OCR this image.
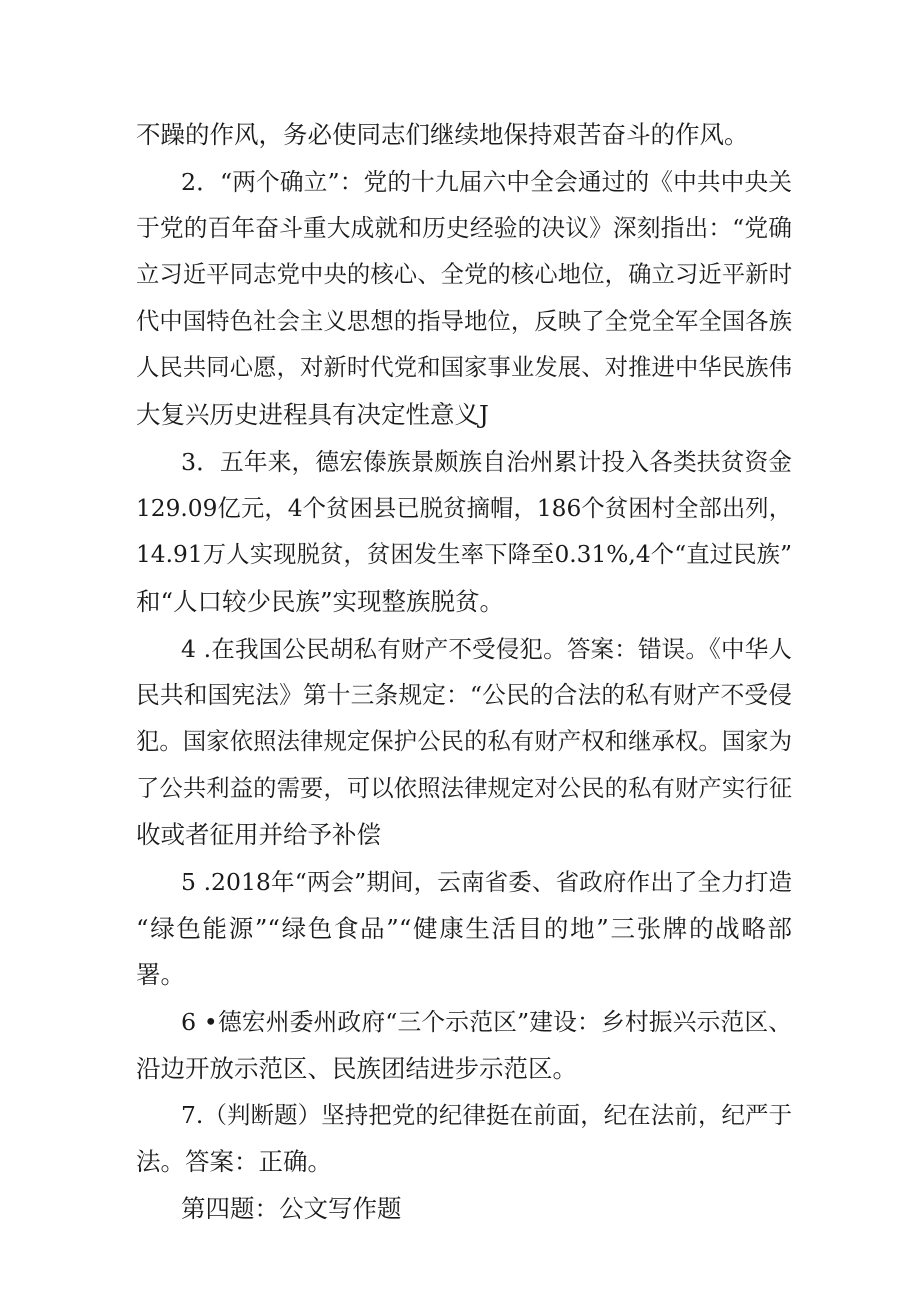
不躁的作风，务必使同志们继续地保持艰苦奋斗的作风。
2．“两个确立”：党的十九届六中全会通过的《中共中央关
于党的百年奋斗重大成就和历史经验的决议》深刻指出：“党确
立习近平同志党中央的核心、全党的核心地位，确立习近平新时
代中国特色社会主义思想的指导地位，反映了全党全军全国各族
人民共同心愿，对新时代党和国家事业发展、对推进中华民族伟
大复兴历史进程具有决定性意义J
3．五年来，德宏傣族景颇族自治州累计投入各类扶贫资金
129.09亿元，4个贫困县已脱贫摘帽，186个贫困村全部出列，
14.91万人实现脱贫，贫困发生率下降至0.31%,4个“直过民族”
和“人口较少民族”实现整族脱贫。
4 .在我国公民胡私有财产不受侵犯。答案：错误。《中华人
民共和国宪法》第十三条规定：“公民的合法的私有财产不受侵
犯。国家依照法律规定保护公民的私有财产权和继承权。国家为
了公共利益的需要，可以依照法律规定对公民的私有财产实行征
收或者征用并给予补偿
5 .2018年“两会”期间，云南省委、省政府作出了全力打造
“绿色能源”“绿色食品”“健康生活目的地”三张牌的战略部
署。
6 •德宏州委州政府“三个示范区”建设：乡村振兴示范区、
沿边开放示范区、民族团结进步示范区。
7.（判断题）坚持把党的纪律挺在前面，纪在法前，纪严于
法。答案：正确。
第四题：公文写作题
